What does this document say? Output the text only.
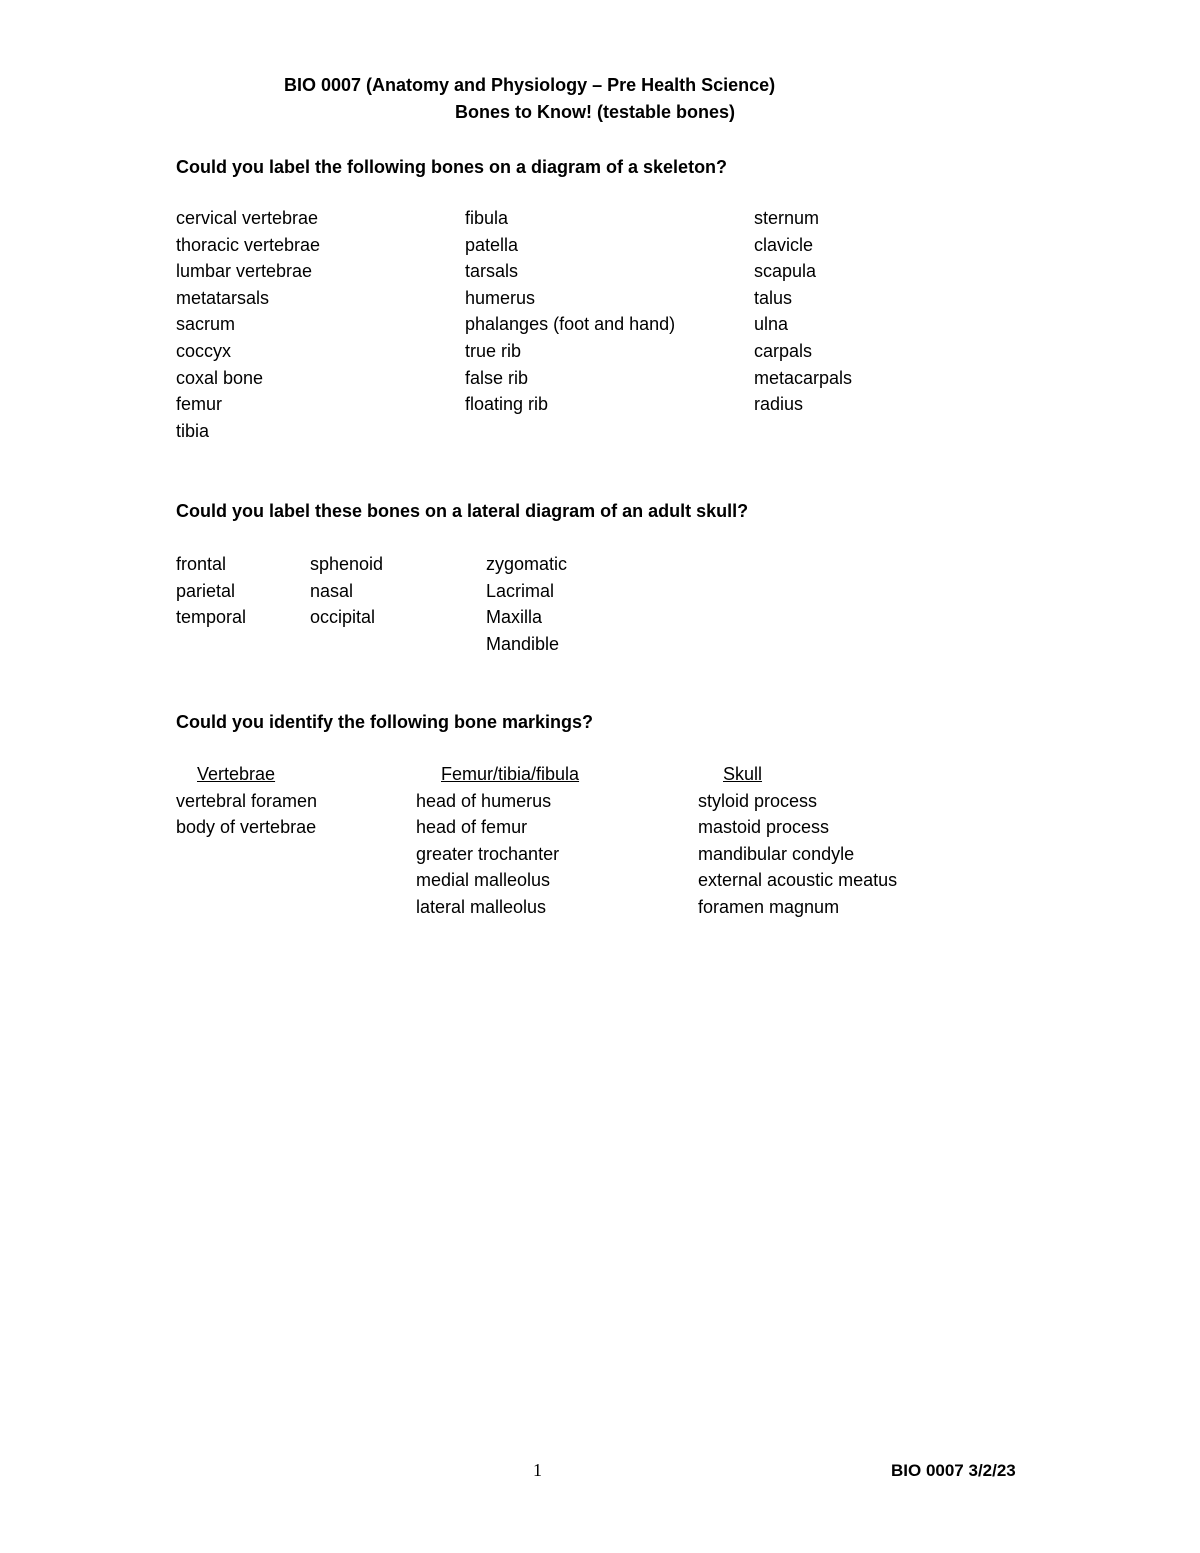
BIO 0007 (Anatomy and Physiology – Pre Health Science)
Bones to Know! (testable bones)
Could you label the following bones on a diagram of a skeleton?
cervical vertebrae
thoracic vertebrae
lumbar vertebrae
metatarsals
sacrum
coccyx
coxal bone
femur
tibia
fibula
patella
tarsals
humerus
phalanges (foot and hand)
true rib
false rib
floating rib
sternum
clavicle
scapula
talus
ulna
carpals
metacarpals
radius
Could you label these bones on a lateral diagram of an adult skull?
frontal
parietal
temporal
sphenoid
nasal
occipital
zygomatic
Lacrimal
Maxilla
Mandible
Could you identify the following bone markings?
Vertebrae
vertebral foramen
body of vertebrae
Femur/tibia/fibula
head of humerus
head of femur
greater trochanter
medial malleolus
lateral malleolus
Skull
styloid process
mastoid process
mandibular condyle
external acoustic meatus
foramen magnum
1	BIO 0007 3/2/23
